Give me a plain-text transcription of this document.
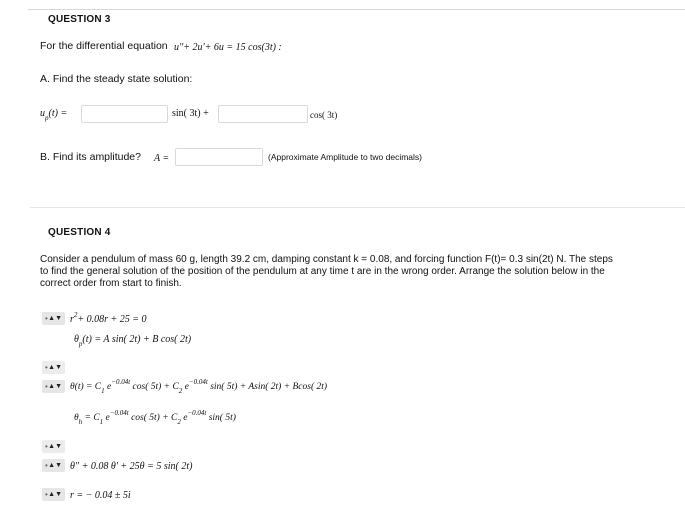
QUESTION 3
For the differential equation u''+ 2u'+ 6u = 15 cos(3t) :
A. Find the steady state solution:
$u_p(t)$ =	sin( 3t) +	cos( 3t)
B. Find its amplitude? A =	(Approximate Amplitude to two decimals)
QUESTION 4
Consider a pendulum of mass 60 g, length 39.2 cm, damping constant k = 0.08, and forcing function F(t)= 0.3 sin(2t) N. The steps
to find the general solution of the position of the pendulum at any time t are in the wrong order. Arrange the solution below in the
correct order from start to finish.
• ▲▼ $r^2+ 0.08r + 25 = 0$
$\theta_p(t) = A$ sin( 2t) + B cos( 2t)
• ▲▼
• ▲▼ $\theta(t) = C_1$ $e^{-0.04t}$ cos( $5t) + C_2$ $e^{-0.04t}$ sin( 5t) + Asin( 2t) + Bcos( 2t)
$\theta_h = C_1$ $e^{-0.04t}$ cos( $5t) + C_2$ $e^{-0.04t}$ sin( 5t)
• ▲▼
• ▲▼ θ″ + 0.08 θ′ + 25θ = 5 sin( 2t)
• ▲▼ r = − 0.04 ± 5i
